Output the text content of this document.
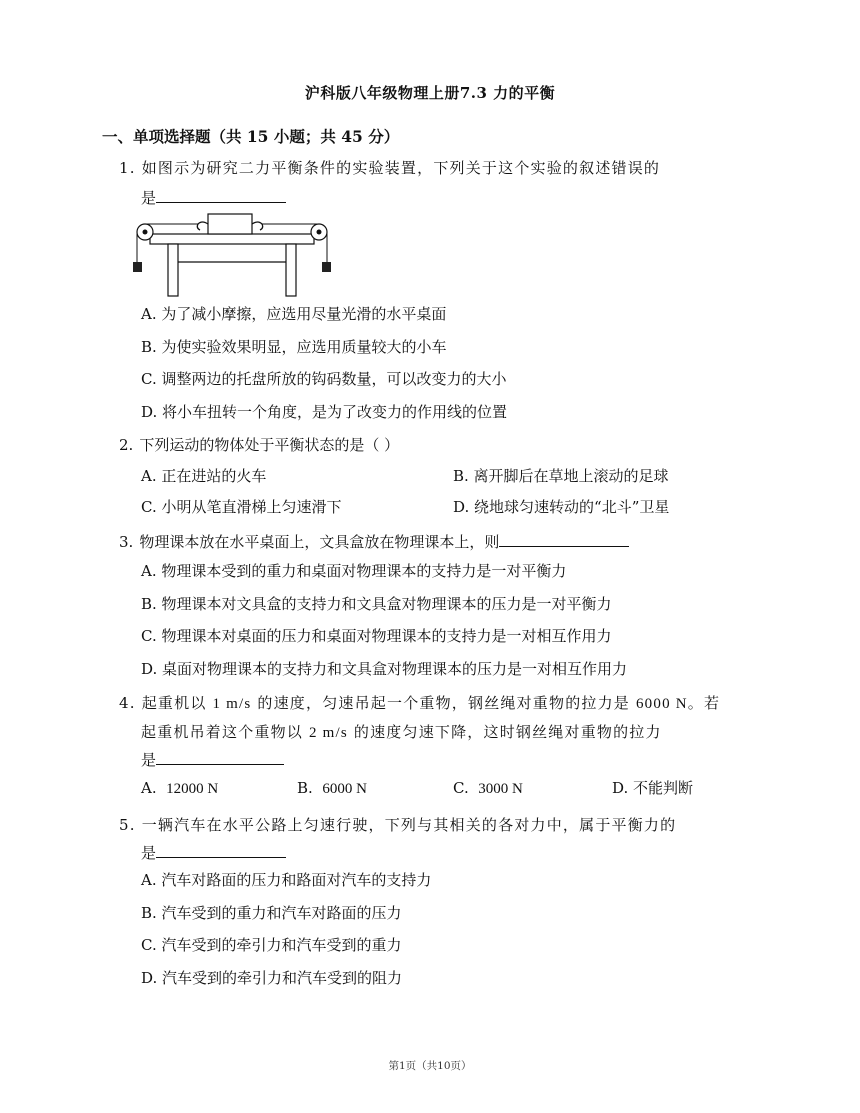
沪科版八年级物理上册7.3 力的平衡
一、单项选择题（共 15 小题；共 45 分）
1. 如图示为研究二力平衡条件的实验装置，下列关于这个实验的叙述错误的
是
A. 为了减小摩擦，应选用尽量光滑的水平桌面
B. 为使实验效果明显，应选用质量较大的小车
C. 调整两边的托盘所放的钩码数量，可以改变力的大小
D. 将小车扭转一个角度，是为了改变力的作用线的位置
2. 下列运动的物体处于平衡状态的是（ ）
A. 正在进站的火车	B. 离开脚后在草地上滚动的足球
C. 小明从笔直滑梯上匀速滑下	D. 绕地球匀速转动的“北斗”卫星
3. 物理课本放在水平桌面上，文具盒放在物理课本上，则
A. 物理课本受到的重力和桌面对物理课本的支持力是一对平衡力
B. 物理课本对文具盒的支持力和文具盒对物理课本的压力是一对平衡力
C. 物理课本对桌面的压力和桌面对物理课本的支持力是一对相互作用力
D. 桌面对物理课本的支持力和文具盒对物理课本的压力是一对相互作用力
4. 起重机以 1 m/s 的速度，匀速吊起一个重物，钢丝绳对重物的拉力是 6000 N。若
起重机吊着这个重物以 2 m/s 的速度匀速下降，这时钢丝绳对重物的拉力
是
A. 12000 N	B. 6000 N	C. 3000 N	D. 不能判断
5. 一辆汽车在水平公路上匀速行驶，下列与其相关的各对力中，属于平衡力的
是
A. 汽车对路面的压力和路面对汽车的支持力
B. 汽车受到的重力和汽车对路面的压力
C. 汽车受到的牵引力和汽车受到的重力
D. 汽车受到的牵引力和汽车受到的阻力
第1页（共10页）
